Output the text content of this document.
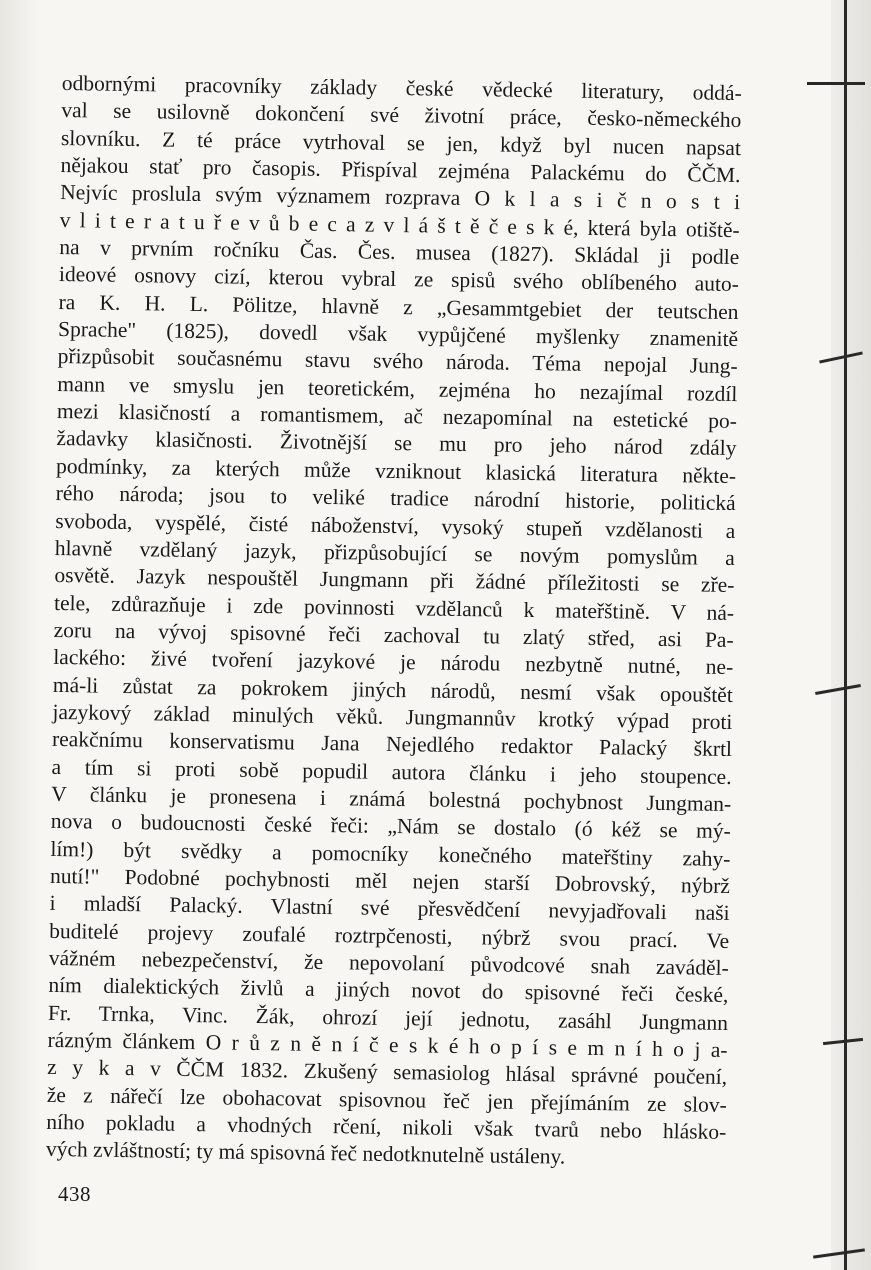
odbornými pracovníky základy české vědecké literatury, oddá-
val se usilovně dokončení své životní práce, česko-německého
slovníku. Z té práce vytrhoval se jen, když byl nucen napsat
nějakou stať pro časopis. Přispíval zejména Palackému do ČČM.
Nejvíc proslula svým významem rozprava O k l a s i č n o s t i
v l i t e r a t u ř e v ů b e c a z v l á š t ě č e s k é, která byla otiště-
na v prvním ročníku Čas. Čes. musea (1827). Skládal ji podle
ideové osnovy cizí, kterou vybral ze spisů svého oblíbeného auto-
ra K. H. L. Pölitze, hlavně z „Gesammtgebiet der teutschen
Sprache" (1825), dovedl však vypůjčené myšlenky znamenitě
přizpůsobit současnému stavu svého národa. Téma nepojal Jung-
mann ve smyslu jen teoretickém, zejména ho nezajímal rozdíl
mezi klasičností a romantismem, ač nezapomínal na estetické po-
žadavky klasičnosti. Životnější se mu pro jeho národ zdály
podmínky, za kterých může vzniknout klasická literatura někte-
rého národa; jsou to veliké tradice národní historie, politická
svoboda, vyspělé, čisté náboženství, vysoký stupeň vzdělanosti a
hlavně vzdělaný jazyk, přizpůsobující se novým pomyslům a
osvětě. Jazyk nespouštěl Jungmann při žádné příležitosti se zře-
tele, zdůrazňuje i zde povinnosti vzdělanců k mateřštině. V ná-
zoru na vývoj spisovné řeči zachoval tu zlatý střed, asi Pa-
lackého: živé tvoření jazykové je národu nezbytně nutné, ne-
má-li zůstat za pokrokem jiných národů, nesmí však opouštět
jazykový základ minulých věků. Jungmannův krotký výpad proti
reakčnímu konservatismu Jana Nejedlého redaktor Palacký škrtl
a tím si proti sobě popudil autora článku i jeho stoupence.
V článku je pronesena i známá bolestná pochybnost Jungman-
nova o budoucnosti české řeči: „Nám se dostalo (ó kéž se mý-
lím!) být svědky a pomocníky konečného mateřštiny zahy-
nutí!" Podobné pochybnosti měl nejen starší Dobrovský, nýbrž
i mladší Palacký. Vlastní své přesvědčení nevyjadřovali naši
buditelé projevy zoufalé roztrpčenosti, nýbrž svou prací. Ve
vážném nebezpečenství, že nepovolaní původcové snah zaváděl-
ním dialektických živlů a jiných novot do spisovné řeči české,
Fr. Trnka, Vinc. Žák, ohrozí její jednotu, zasáhl Jungmann
rázným článkem O r ů z n ě n í č e s k é h o p í s e m n í h o j a-
z y k a v ČČM 1832. Zkušený semasiolog hlásal správné poučení,
že z nářečí lze obohacovat spisovnou řeč jen přejímáním ze slov-
ního pokladu a vhodných rčení, nikoli však tvarů nebo hlásko-
vých zvláštností; ty má spisovná řeč nedotknutelně ustáleny.
438
